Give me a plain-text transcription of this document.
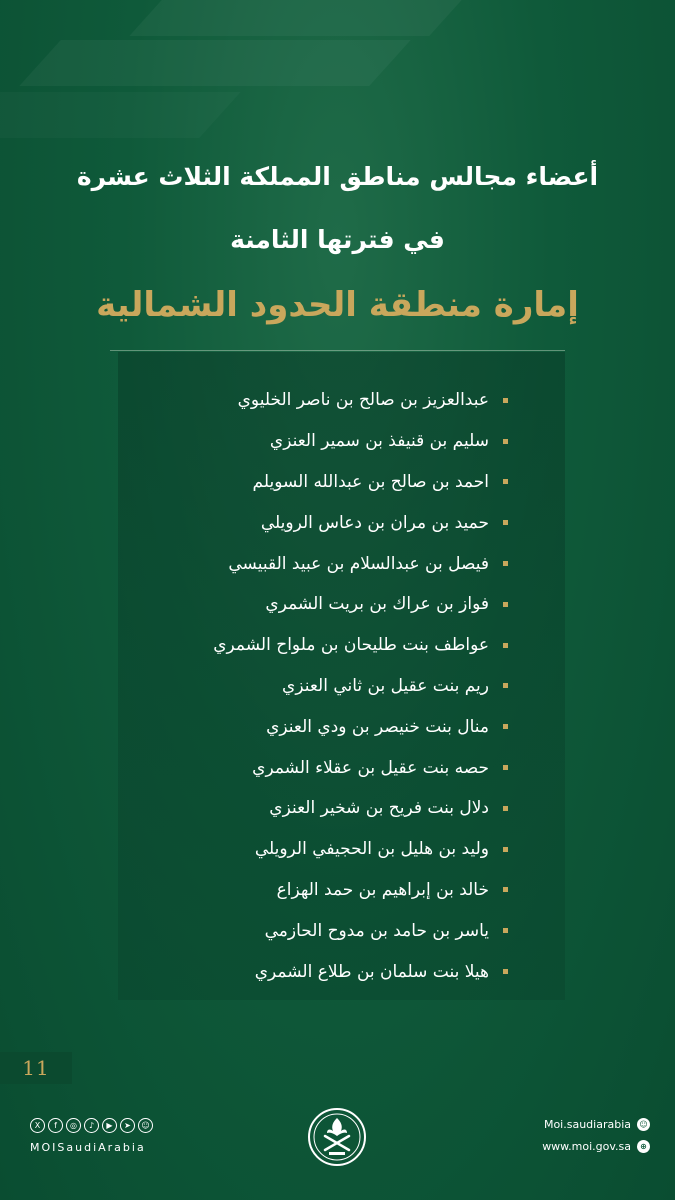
أعضاء مجالس مناطق المملكة الثلاث عشرة
في فترتها الثامنة
إمارة منطقة الحدود الشمالية
عبدالعزيز بن صالح بن ناصر الخليوي
سليم بن قنيفذ بن سمير العنزي
احمد بن صالح بن عبدالله السويلم
حميد بن مران بن دعاس الرويلي
فيصل بن عبدالسلام بن عبيد القبيسي
فواز بن عراك بن بريت الشمري
عواطف بنت طليحان بن ملواح الشمري
ريم بنت عقيل بن ثاني العنزي
منال بنت خنيصر بن ودي العنزي
حصه بنت عقيل بن عقلاء الشمري
دلال بنت فريح بن شخير العنزي
وليد بن هليل بن الحجيفي الرويلي
خالد بن إبراهيم بن حمد الهزاع
ياسر بن حامد بن مدوح الحازمي
هيلا بنت سلمان بن طلاع الشمري
11
X	f	◎	♪	▶	➤	☺
MOISaudiArabia
Moi.saudiarabia ☺
www.moi.gov.sa	⊕
